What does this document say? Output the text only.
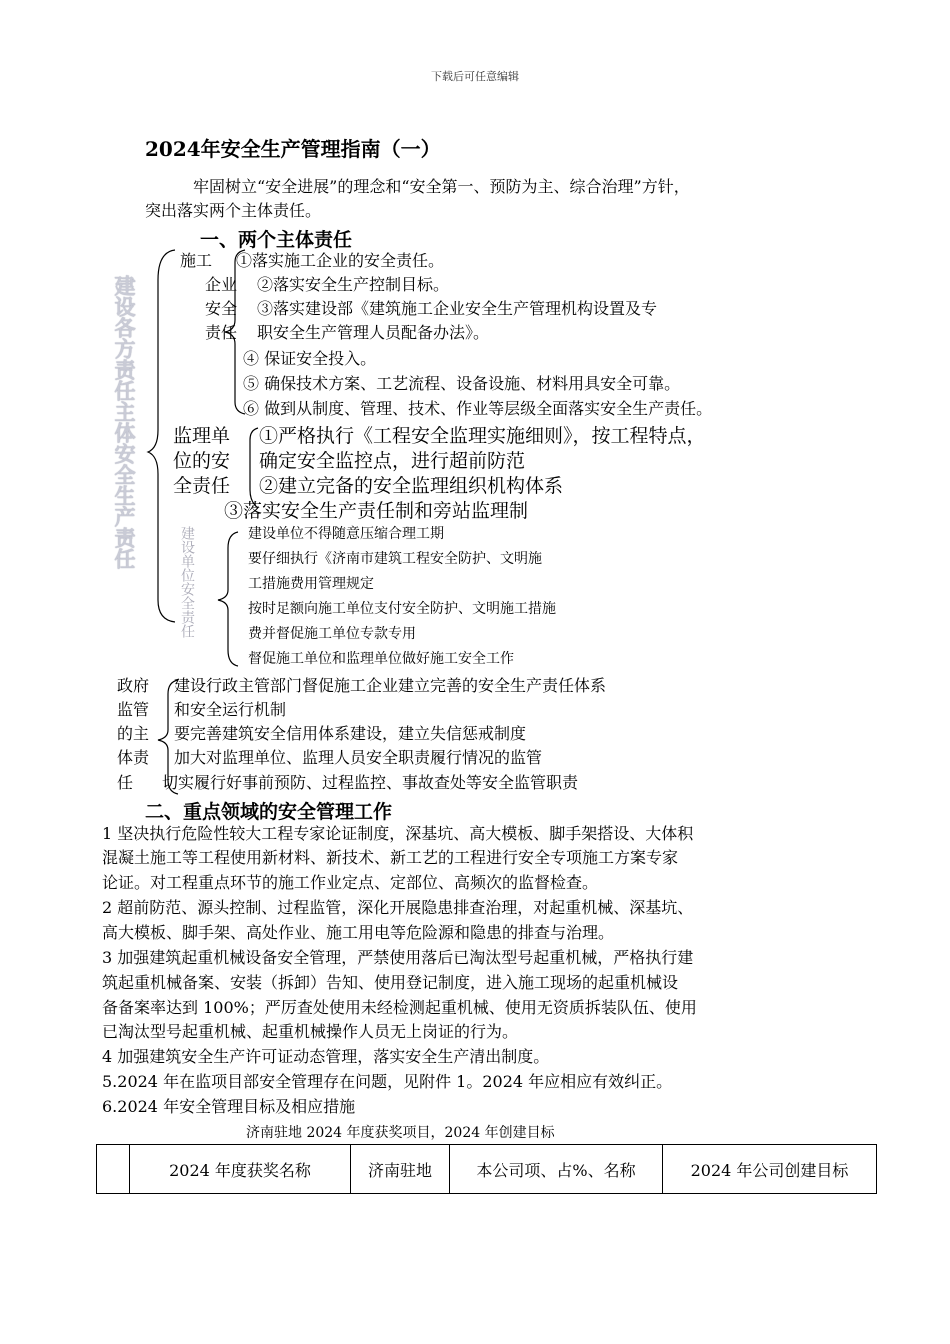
下载后可任意编辑
2024年安全生产管理指南（一）
牢固树立“安全进展”的理念和“安全第一、预防为主、综合治理”方针，
突出落实两个主体责任。
一、两个主体责任
建设各方责任主体安全生产责任
施工
企业
安全
责任
①落实施工企业的安全责任。
②落实安全生产控制目标。
③落实建设部《建筑施工企业安全生产管理机构设置及专
职安全生产管理人员配备办法》。
④ 保证安全投入。
⑤ 确保技术方案、工艺流程、设备设施、材料用具安全可靠。
⑥ 做到从制度、管理、技术、作业等层级全面落实安全生产责任。
监理单
位的安
全责任
①严格执行《工程安全监理实施细则》，按工程特点，
确定安全监控点，进行超前防范
②建立完备的安全监理组织机构体系
③落实安全生产责任制和旁站监理制
建设单位安全责任	建设单位不得随意压缩合理工期
要仔细执行《济南市建筑工程安全防护、文明施
工措施费用管理规定
按时足额向施工单位支付安全防护、文明施工措施
费并督促施工单位专款专用
督促施工单位和监理单位做好施工安全工作
政府
监管
的主
体责
任
建设行政主管部门督促施工企业建立完善的安全生产责任体系
和安全运行机制
要完善建筑安全信用体系建设，建立失信惩戒制度
加大对监理单位、监理人员安全职责履行情况的监管
切实履行好事前预防、过程监控、事故查处等安全监管职责
二、重点领域的安全管理工作
1 坚决执行危险性较大工程专家论证制度，深基坑、高大模板、脚手架搭设、大体积
混凝土施工等工程使用新材料、新技术、新工艺的工程进行安全专项施工方案专家
论证。对工程重点环节的施工作业定点、定部位、高频次的监督检查。
2 超前防范、源头控制、过程监管，深化开展隐患排查治理，对起重机械、深基坑、
高大模板、脚手架、高处作业、施工用电等危险源和隐患的排查与治理。
3 加强建筑起重机械设备安全管理，严禁使用落后已淘汰型号起重机械，严格执行建
筑起重机械备案、安装（拆卸）告知、使用登记制度，进入施工现场的起重机械设
备备案率达到 100%；严厉查处使用未经检测起重机械、使用无资质拆装队伍、使用
已淘汰型号起重机械、起重机械操作人员无上岗证的行为。
4 加强建筑安全生产许可证动态管理，落实安全生产清出制度。
5.2024 年在监项目部安全管理存在问题，见附件 1。2024 年应相应有效纠正。
6.2024 年安全管理目标及相应措施
济南驻地 2024 年度获奖项目，2024 年创建目标
	2024 年度获奖名称	济南驻地	本公司项、占%、名称	2024 年公司创建目标
